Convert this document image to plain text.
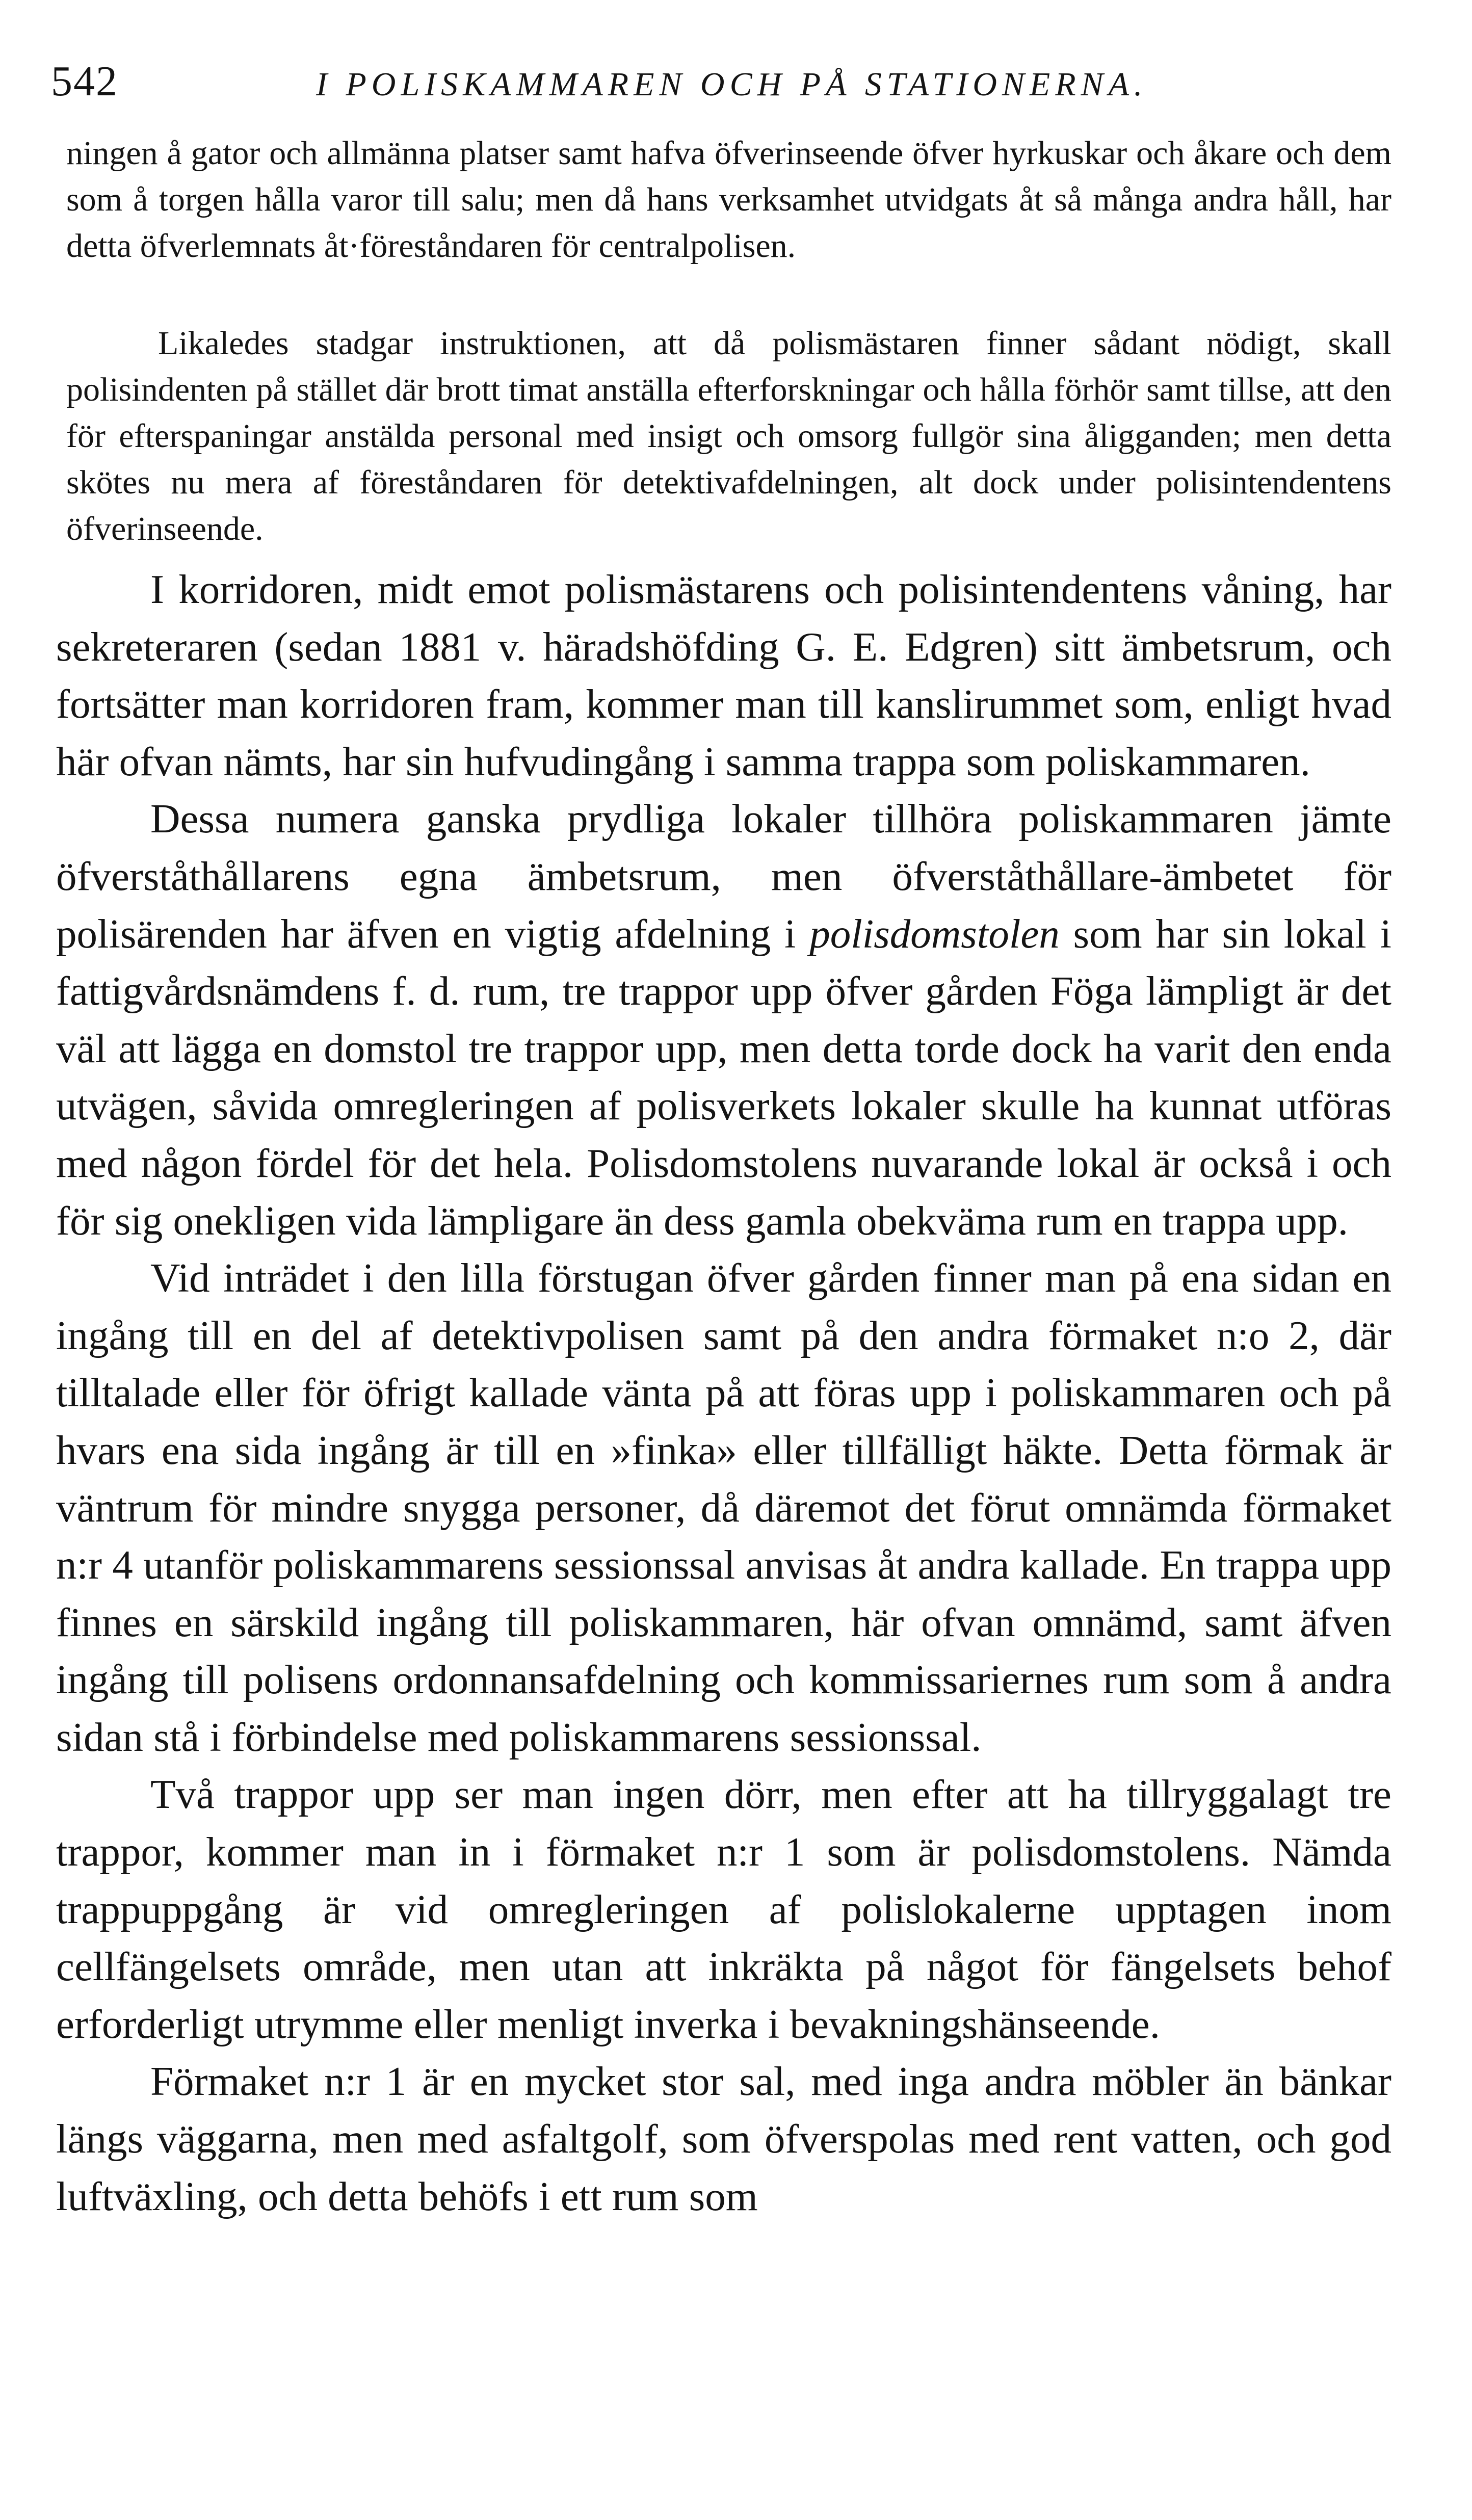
542	I POLISKAMMAREN OCH PÅ STATIONERNA.

ningen å gator och allmänna platser samt hafva öfverinseende öfver hyrkuskar och åkare och dem som å torgen hålla varor till salu; men då hans verksamhet utvidgats åt så många andra håll, har detta öfverlemnats åt·föreståndaren för centralpolisen.

Likaledes stadgar instruktionen, att då polismästaren finner sådant nödigt, skall polisindenten på stället där brott timat anställa efterforskningar och hålla förhör samt tillse, att den för efterspaningar anstälda personal med insigt och omsorg fullgör sina åligganden; men detta skötes nu mera af föreståndaren för detektivafdelningen, alt dock under polisintendentens öfverinseende.

I korridoren, midt emot polismästarens och polisintendentens våning, har sekreteraren (sedan 1881 v. häradshöfding G. E. Edgren) sitt ämbetsrum, och fortsätter man korridoren fram, kommer man till kanslirummet som, enligt hvad här ofvan nämts, har sin hufvudingång i samma trappa som poliskammaren.

Dessa numera ganska prydliga lokaler tillhöra poliskammaren jämte öfverståthållarens egna ämbetsrum, men öfverståthållare-ämbetet för polisärenden har äfven en vigtig afdelning i polisdomstolen som har sin lokal i fattigvårdsnämdens f. d. rum, tre trappor upp öfver gården Föga lämpligt är det väl att lägga en domstol tre trappor upp, men detta torde dock ha varit den enda utvägen, såvida omregleringen af polisverkets lokaler skulle ha kunnat utföras med någon fördel för det hela. Polisdomstolens nuvarande lokal är också i och för sig onekligen vida lämpligare än dess gamla obekväma rum en trappa upp.

Vid inträdet i den lilla förstugan öfver gården finner man på ena sidan en ingång till en del af detektivpolisen samt på den andra förmaket n:o 2, där tilltalade eller för öfrigt kallade vänta på att föras upp i poliskammaren och på hvars ena sida ingång är till en »finka» eller tillfälligt häkte. Detta förmak är väntrum för mindre snygga personer, då däremot det förut omnämda förmaket n:r 4 utanför poliskammarens sessionssal anvisas åt andra kallade. En trappa upp finnes en särskild ingång till poliskammaren, här ofvan omnämd, samt äfven ingång till polisens ordonnansafdelning och kommissariernes rum som å andra sidan stå i förbindelse med poliskammarens sessionssal.

Två trappor upp ser man ingen dörr, men efter att ha tillryggalagt tre trappor, kommer man in i förmaket n:r 1 som är polisdomstolens. Nämda trappuppgång är vid omregleringen af polislokalerne upptagen inom cellfängelsets område, men utan att inkräkta på något för fängelsets behof erforderligt utrymme eller menligt inverka i bevakningshänseende.

Förmaket n:r 1 är en mycket stor sal, med inga andra möbler än bänkar längs väggarna, men med asfaltgolf, som öfverspolas med rent vatten, och god luftväxling, och detta behöfs i ett rum som
